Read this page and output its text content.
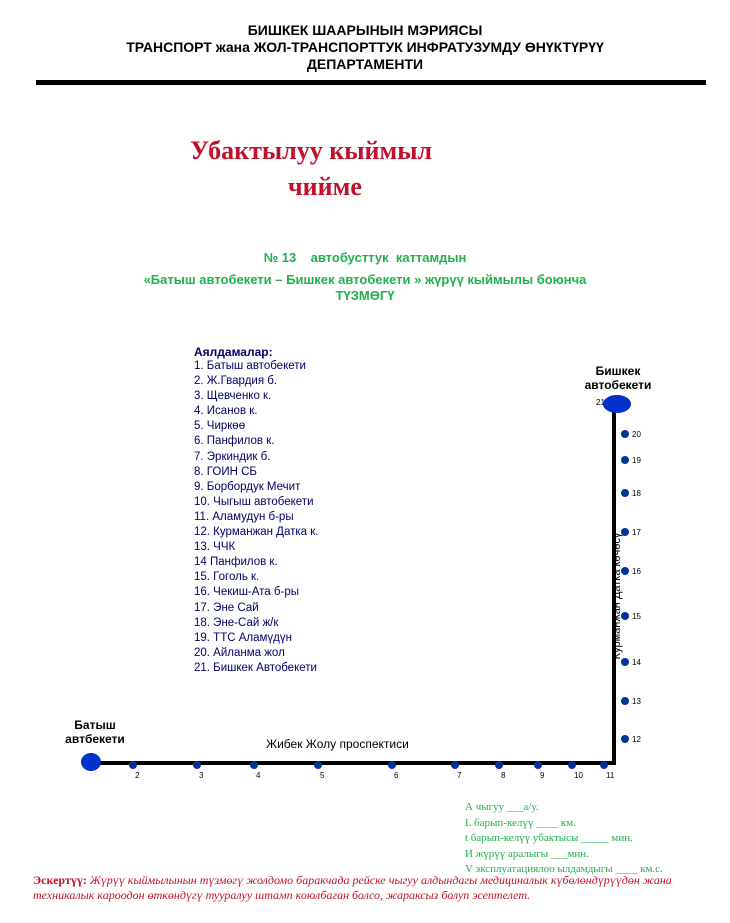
БИШКЕК ШААРЫНЫН МЭРИЯСЫ
ТРАНСПОРТ жана ЖОЛ-ТРАНСПОРТТУК ИНФРАТУЗУМДУ ӨНҮКТҮРҮҮ
ДЕПАРТАМЕНТИ
Убактылуу кыймыл
чийме
№ 13    автобусттук  каттамдын
«Батыш автобекети – Бишкек автобекети » жүрүү кыймылы боюнча
ТҮЗМӨГҮ
Аялдамалар:
1. Батыш автобекети
2. Ж.Гвардия б.
3. Щевченко к.
4. Исанов к.
5. Чиркөө
6. Панфилов к.
7. Эркиндик б.
8. ГОИН СБ
9. Борбордук Мечит
10. Чыгыш автобекети
11. Аламудун б-ры
12. Курманжан Датка к.
13. ЧЧК
14 Панфилов к.
15. Гоголь к.
16. Чекиш-Ата б-ры
17. Эне Сай
18. Эне-Сай ж/к
19. ТТС Аламүдүн
20. Айланма жол
21. Бишкек Автобекети
Бишкек
автобекети
Батыш
автбекети
2	3	4	5	6	7	8	9	10	11
12
13
14
15
16
17
18
19
20
21
Жибек Жолу проспектиси
Курманжан Датка көчөсү
А чыгуу ___а/у.
L барып-келүү ____ км.
t барып-келүү убактысы _____ мин.
И жүрүү аралыгы ___мин.
V эксплуатациялоо ылдамдыгы ____ км.с.
Эскертүү: Жүрүү кыймылынын түзмөгү жолдомо баракчада рейске чыгуу алдындагы медициналык күбөлөндүрүүдөн жана техникалык кароодон өткөндүгү тууралуу штамп коюлбаган болсо, жараксыз болуп эсептелет.
